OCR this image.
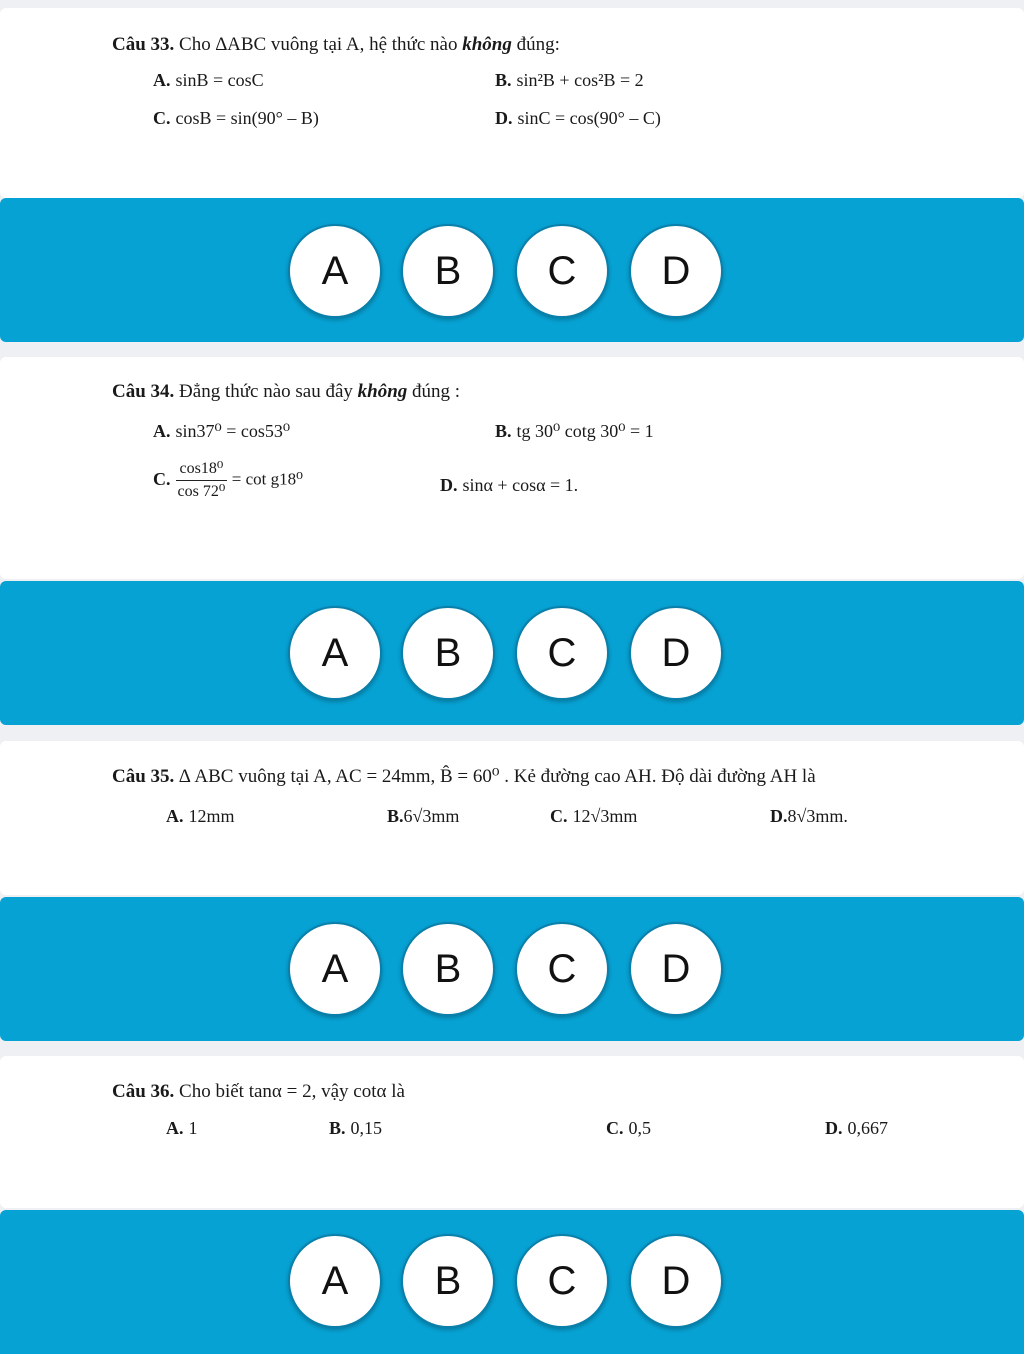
Câu 33. Cho ∆ABC vuông tại A, hệ thức nào không đúng:
A. sinB = cosC	B. sin²B + cos²B = 2
C. cosB = sin(90° – B)	D. sinC = cos(90° – C)
A	B	C	D
Câu 34. Đẳng thức nào sau đây không đúng :
A. sin37⁰ = cos53⁰	B. tg 30⁰ cotg 30⁰ = 1
C. $\frac{\text{cos18⁰}}{\text{cos 72⁰}} = \cot g18^0$	D. sinα + cosα = 1.
A	B	C	D
Câu 35. ∆ ABC vuông tại A, AC = 24mm, B̂ = 60⁰ . Kẻ đường cao AH. Độ dài đường AH là
A. 12mm	B.6√3mm	C. 12√3mm	D.8√3mm.
A	B	C	D
Câu 36. Cho biết tanα = 2, vậy cotα là
A. 1	B. 0,15	C. 0,5	D. 0,667
A	B	C	D
